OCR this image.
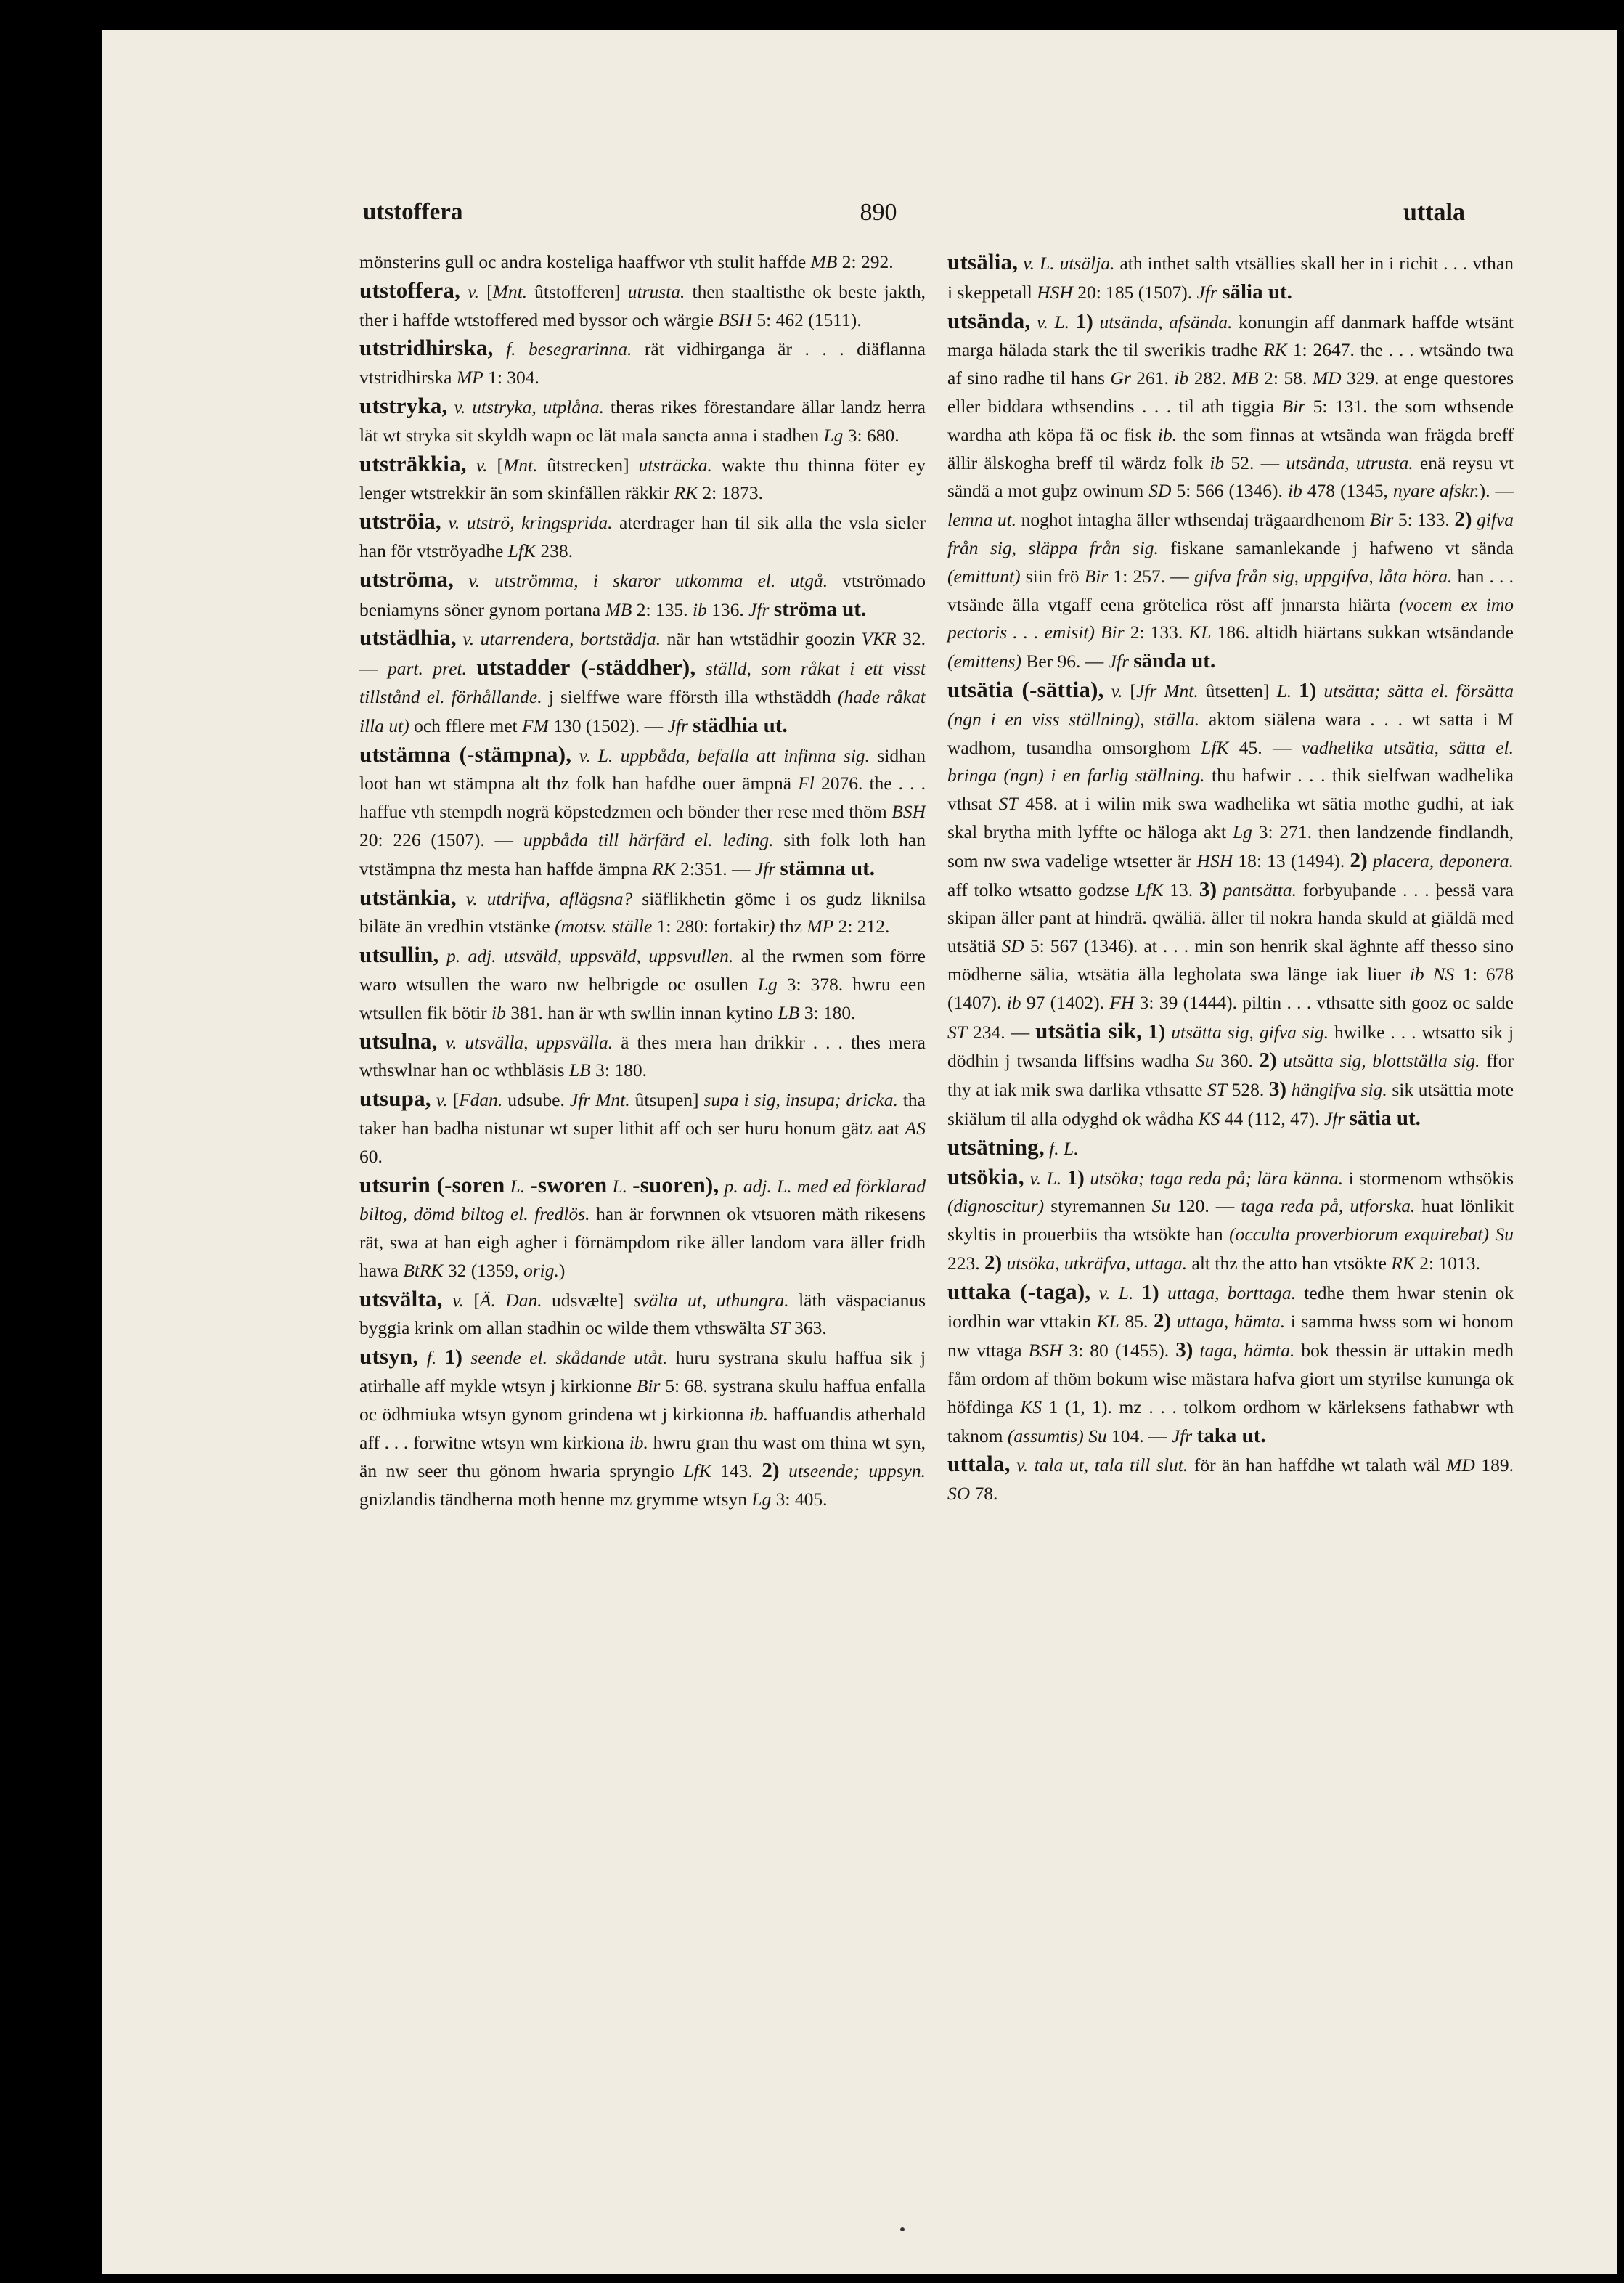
utstoffera	890	uttala

mönsterins gull oc andra kosteliga haaffwor vth stulit haffde MB 2: 292.

utstoffera, v. [Mnt. ûtstofferen] utrusta. then staaltisthe ok beste jakth, ther i haffde wtstoffered med byssor och wärgie BSH 5: 462 (1511).

utstridhirska, f. besegrarinna. rät vidhirganga är . . . diäflanna vtstridhirska MP 1: 304.

utstryka, v. utstryka, utplåna. theras rikes förestandare ällar landz herra lät wt stryka sit skyldh wapn oc lät mala sancta anna i stadhen Lg 3: 680.

utsträkkia, v. [Mnt. ûtstrecken] utsträcka. wakte thu thinna föter ey lenger wtstrekkir än som skinfällen räkkir RK 2: 1873.

utströia, v. utströ, kringsprida. aterdrager han til sik alla the vsla sieler han för vtströyadhe LfK 238.

utströma, v. utströmma, i skaror utkomma el. utgå. vtströmado beniamyns söner gynom portana MB 2: 135. ib 136. Jfr ströma ut.

utstädhia, v. utarrendera, bortstädja. när han wtstädhir goozin VKR 32. — part. pret. utstadder (-städdher), ställd, som råkat i ett visst tillstånd el. förhållande. j sielffwe ware fförsth illa wthstäddh (hade råkat illa ut) och fflere met FM 130 (1502). — Jfr städhia ut.

utstämna (-stämpna), v. L. uppbåda, befalla att infinna sig. sidhan loot han wt stämpna alt thz folk han hafdhe ouer ämpnä Fl 2076. the . . . haffue vth stempdh nogrä köpstedzmen och bönder ther rese med thöm BSH 20: 226 (1507). — uppbåda till härfärd el. leding. sith folk loth han vtstämpna thz mesta han haffde ämpna RK 2:351. — Jfr stämna ut.

utstänkia, v. utdrifva, aflägsna? siäflikhetin göme i os gudz liknilsa biläte än vredhin vtstänke (motsv. ställe 1: 280: fortakir) thz MP 2: 212.

utsullin, p. adj. utsväld, uppsväld, uppsvullen. al the rwmen som förre waro wtsullen the waro nw helbrigde oc osullen Lg 3: 378. hwru een wtsullen fik bötir ib 381. han är wth swllin innan kytino LB 3: 180.

utsulna, v. utsvälla, uppsvälla. ä thes mera han drikkir . . . thes mera wthswlnar han oc wthbläsis LB 3: 180.

utsupa, v. [Fdan. udsube. Jfr Mnt. ûtsupen] supa i sig, insupa; dricka. tha taker han badha nistunar wt super lithit aff och ser huru honum gätz aat AS 60.

utsurin (-soren L. -sworen L. -suoren), p. adj. L. med ed förklarad biltog, dömd biltog el. fredlös. han är forwnnen ok vtsuoren mäth rikesens rät, swa at han eigh agher i förnämpdom rike äller landom vara äller fridh hawa BtRK 32 (1359, orig.)

utsvälta, v. [Ä. Dan. udsvælte] svälta ut, uthungra. läth väspacianus byggia krink om allan stadhin oc wilde them vthswälta ST 363.

utsyn, f. 1) seende el. skådande utåt. huru systrana skulu haffua sik j atirhalle aff mykle wtsyn j kirkionne Bir 5: 68. systrana skulu haffua enfalla oc ödhmiuka wtsyn gynom grindena wt j kirkionna ib. haffuandis atherhald aff . . . forwitne wtsyn wm kirkiona ib. hwru gran thu wast om thina wt syn, än nw seer thu gönom hwaria spryngio LfK 143. 2) utseende; uppsyn. gnizlandis tändherna moth henne mz grymme wtsyn Lg 3: 405.

utsälia, v. L. utsälja. ath inthet salth vtsällies skall her in i richit . . . vthan i skeppetall HSH 20: 185 (1507). Jfr sälia ut.

utsända, v. L. 1) utsända, afsända. konungin aff danmark haffde wtsänt marga hälada stark the til swerikis tradhe RK 1: 2647. the . . . wtsändo twa af sino radhe til hans Gr 261. ib 282. MB 2: 58. MD 329. at enge questores eller biddara wthsendins . . . til ath tiggia Bir 5: 131. the som wthsende wardha ath köpa fä oc fisk ib. the som finnas at wtsända wan frägda breff ällir älskogha breff til wärdz folk ib 52. — utsända, utrusta. enä reysu vt sändä a mot guþz owinum SD 5: 566 (1346). ib 478 (1345, nyare afskr.). — lemna ut. noghot intagha äller wthsendaj trägaardhenom Bir 5: 133. 2) gifva från sig, släppa från sig. fiskane samanlekande j hafweno vt sända (emittunt) siin frö Bir 1: 257. — gifva från sig, uppgifva, låta höra. han . . . vtsände älla vtgaff eena grötelica röst aff jnnarsta hiärta (vocem ex imo pectoris . . . emisit) Bir 2: 133. KL 186. altidh hiärtans sukkan wtsändande (emittens) Ber 96. — Jfr sända ut.

utsätia (-sättia), v. [Jfr Mnt. ûtsetten] L. 1) utsätta; sätta el. försätta (ngn i en viss ställning), ställa. aktom siälena wara . . . wt satta i M wadhom, tusandha omsorghom LfK 45. — vadhelika utsätia, sätta el. bringa (ngn) i en farlig ställning. thu hafwir . . . thik sielfwan wadhelika vthsat ST 458. at i wilin mik swa wadhelika wt sätia mothe gudhi, at iak skal brytha mith lyffte oc häloga akt Lg 3: 271. then landzende findlandh, som nw swa vadelige wtsetter är HSH 18: 13 (1494). 2) placera, deponera. aff tolko wtsatto godzse LfK 13. 3) pantsätta. forbyuþande . . . þessä vara skipan äller pant at hindrä. qwäliä. äller til nokra handa skuld at giäldä med utsätiä SD 5: 567 (1346). at . . . min son henrik skal äghnte aff thesso sino mödherne sälia, wtsätia älla legholata swa länge iak liuer ib NS 1: 678 (1407). ib 97 (1402). FH 3: 39 (1444). piltin . . . vthsatte sith gooz oc salde ST 234. — utsätia sik, 1) utsätta sig, gifva sig. hwilke . . . wtsatto sik j dödhin j twsanda liffsins wadha Su 360. 2) utsätta sig, blottställa sig. ffor thy at iak mik swa darlika vthsatte ST 528. 3) hängifva sig. sik utsättia mote skiälum til alla odyghd ok wådha KS 44 (112, 47). Jfr sätia ut.

utsätning, f. L.

utsökia, v. L. 1) utsöka; taga reda på; lära känna. i stormenom wthsökis (dignoscitur) styremannen Su 120. — taga reda på, utforska. huat lönlikit skyltis in prouerbiis tha wtsökte han (occulta proverbiorum exquirebat) Su 223. 2) utsöka, utkräfva, uttaga. alt thz the atto han vtsökte RK 2: 1013.

uttaka (-taga), v. L. 1) uttaga, borttaga. tedhe them hwar stenin ok iordhin war vttakin KL 85. 2) uttaga, hämta. i samma hwss som wi honom nw vttaga BSH 3: 80 (1455). 3) taga, hämta. bok thessin är uttakin medh fåm ordom af thöm bokum wise mästara hafva giort um styrilse kununga ok höfdinga KS 1 (1, 1). mz . . . tolkom ordhom w kärleksens fathabwr wth taknom (assumtis) Su 104. — Jfr taka ut.

uttala, v. tala ut, tala till slut. för än han haffdhe wt talath wäl MD 189. SO 78.
